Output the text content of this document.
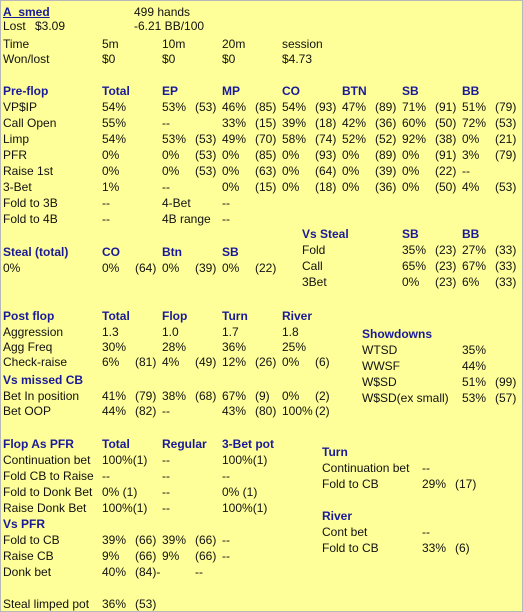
A_smed	499 hands
Lost $3.09	-6.21 BB/100
Time	5m	10m	20m	session
Won/lost	$0	$0	$0	$4.73
Pre-flop	Total	EP	MP	CO	BTN	SB	BB
VP$IP	54%	53% (53) 46% (85) 54% (93) 47% (89) 71% (91) 51% (79)
Call Open	55%	--	33% (15) 39% (18) 42% (36) 60% (50) 72% (53)
Limp	54%	53% (53) 49% (70) 58% (74) 52% (52) 92% (38) 0% (21)
PFR	0%	0% (53) 0% (85) 0% (93) 0% (89) 0% (91) 3% (79)
Raise 1st	0%	0% (53) 0% (63) 0% (64) 0% (39) 0% (22) --
3-Bet	1%	--	0% (15) 0% (18) 0% (36) 0% (50) 4% (53)
Fold to 3B	--	4-Bet	--
Fold to 4B	--	4B range --
Vs Steal	SB	BB
Fold	35% (23) 27% (33)
Call	65% (23) 67% (33)
3Bet	0% (23) 6% (33)
Steal (total)	CO	Btn	SB
0%	0% (64) 0% (39) 0% (22)
Post flop	Total	Flop	Turn	River
Aggression	1.3	1.0	1.7	1.8
Agg Freq	30%	28%	36%	25%
Check-raise	6% (81) 4% (49) 12% (26) 0% (6)
Vs missed CB
Bet In position 41% (79) 38% (68) 67% (9) 0% (2)
Bet OOP	44% (82) --	43% (80) 100% (2)
Showdowns
WTSD	35%
WWSF	44%
W$SD	51% (99)
W$SD(ex small) 53% (57)
Flop As PFR Total	Regular 3-Bet pot
Continuation bet 100%(1) --	100%(1)
Fold CB to Raise --	--	--
Fold to Donk Bet 0% (1) --	0% (1)
Raise Donk Bet 100%(1) --	100%(1)
Vs PFR
Fold to CB	39% (66) 39% (66) --
Raise CB	9% (66) 9% (66) --
Donk bet	40% (84)-	--
Steal limped pot 36% (53)
Turn
Continuation bet --
Fold to CB	29% (17)
River
Cont bet	--
Fold to CB	33% (6)
